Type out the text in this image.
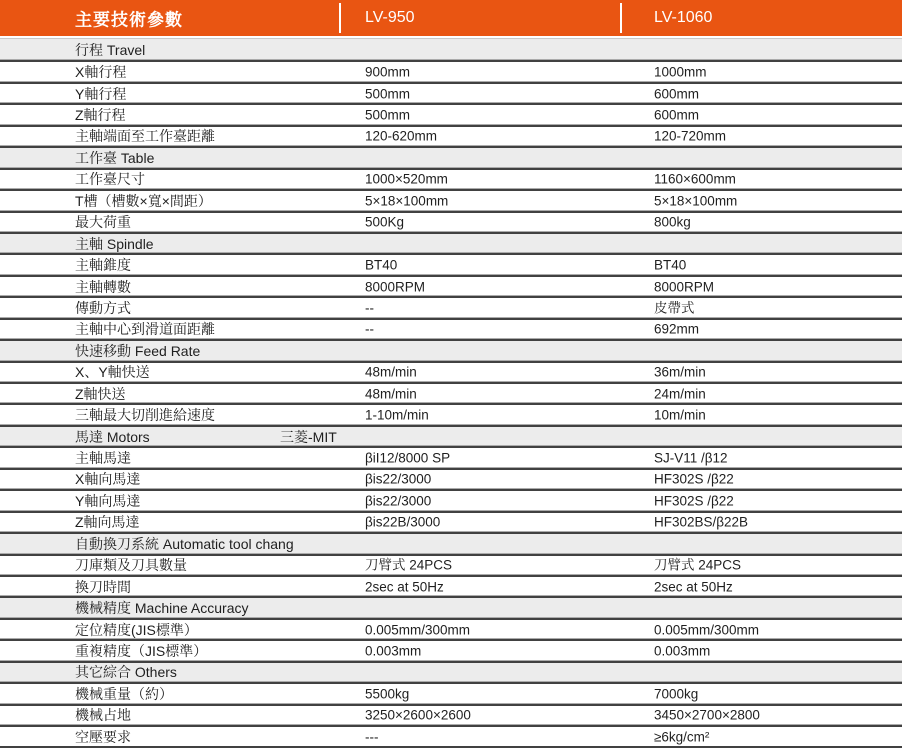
主要技術參數	LV-950	LV-1060
行程 Travel
X軸行程	900mm	1000mm
Y軸行程	500mm	600mm
Z軸行程	500mm	600mm
主軸端面至工作臺距離	120-620mm	120-720mm
工作臺 Table
工作臺尺寸	1000×520mm	1160×600mm
T槽（槽數×寬×間距）	5×18×100mm	5×18×100mm
最大荷重	500Kg	800kg
主軸 Spindle
主軸錐度	BT40	BT40
主軸轉數	8000RPM	8000RPM
傳動方式	--	皮帶式
主軸中心到滑道面距離	--	692mm
快速移動 Feed Rate
X、Y軸快送	48m/min	36m/min
Z軸快送	48m/min	24m/min
三軸最大切削進給速度	1-10m/min	10m/min
馬達 Motors	三菱-MIT
主軸馬達	βiI12/8000 SP	SJ-V11 /β12
X軸向馬達	βis22/3000	HF302S /β22
Y軸向馬達	βis22/3000	HF302S /β22
Z軸向馬達	βis22B/3000	HF302BS/β22B
自動換刀系統 Automatic tool chang
刀庫類及刀具數量	刀臂式 24PCS	刀臂式 24PCS
換刀時間	2sec at 50Hz	2sec at 50Hz
機械精度 Machine Accuracy
定位精度(JIS標準）	0.005mm/300mm	0.005mm/300mm
重複精度（JIS標準）	0.003mm	0.003mm
其它綜合 Others
機械重量（約）	5500kg	7000kg
機械占地	3250×2600×2600	3450×2700×2800
空壓要求	---	≥6kg/cm²
